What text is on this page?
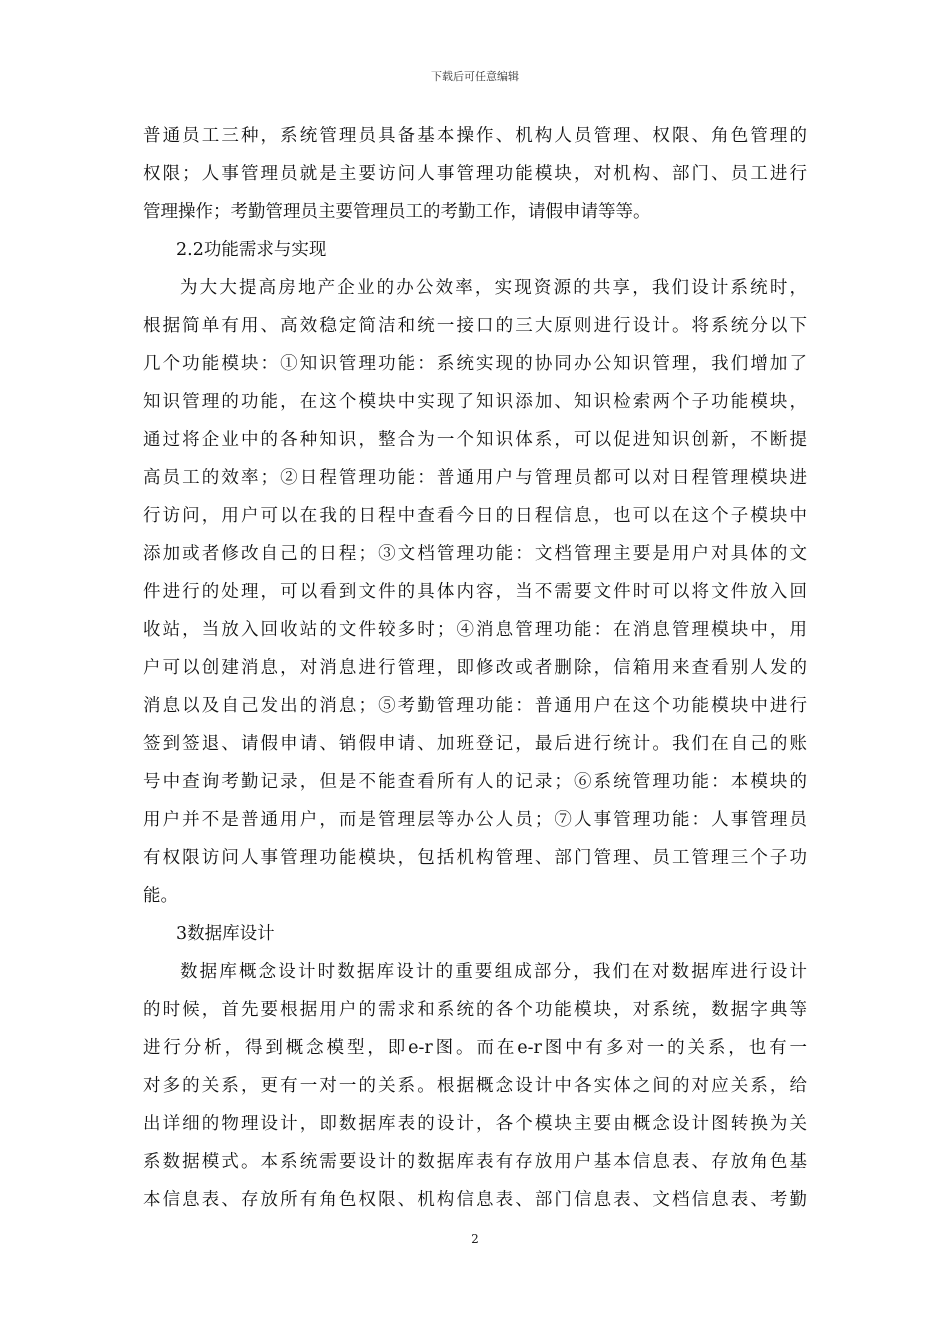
下载后可任意编辑
普通员工三种，系统管理员具备基本操作、机构人员管理、权限、角色管理的
权限；人事管理员就是主要访问人事管理功能模块，对机构、部门、员工进行
管理操作；考勤管理员主要管理员工的考勤工作，请假申请等等。
2.2功能需求与实现
为大大提高房地产企业的办公效率，实现资源的共享，我们设计系统时，
根据简单有用、高效稳定简洁和统一接口的三大原则进行设计。将系统分以下
几个功能模块：①知识管理功能：系统实现的协同办公知识管理，我们增加了
知识管理的功能，在这个模块中实现了知识添加、知识检索两个子功能模块，
通过将企业中的各种知识，整合为一个知识体系，可以促进知识创新，不断提
高员工的效率；②日程管理功能：普通用户与管理员都可以对日程管理模块进
行访问，用户可以在我的日程中查看今日的日程信息，也可以在这个子模块中
添加或者修改自己的日程；③文档管理功能：文档管理主要是用户对具体的文
件进行的处理，可以看到文件的具体内容，当不需要文件时可以将文件放入回
收站，当放入回收站的文件较多时；④消息管理功能：在消息管理模块中，用
户可以创建消息，对消息进行管理，即修改或者删除，信箱用来查看别人发的
消息以及自己发出的消息；⑤考勤管理功能：普通用户在这个功能模块中进行
签到签退、请假申请、销假申请、加班登记，最后进行统计。我们在自己的账
号中查询考勤记录，但是不能查看所有人的记录；⑥系统管理功能：本模块的
用户并不是普通用户，而是管理层等办公人员；⑦人事管理功能：人事管理员
有权限访问人事管理功能模块，包括机构管理、部门管理、员工管理三个子功
能。
3数据库设计
数据库概念设计时数据库设计的重要组成部分，我们在对数据库进行设计
的时候，首先要根据用户的需求和系统的各个功能模块，对系统，数据字典等
进行分析，得到概念模型，即e-r图。而在e-r图中有多对一的关系，也有一
对多的关系，更有一对一的关系。根据概念设计中各实体之间的对应关系，给
出详细的物理设计，即数据库表的设计，各个模块主要由概念设计图转换为关
系数据模式。本系统需要设计的数据库表有存放用户基本信息表、存放角色基
本信息表、存放所有角色权限、机构信息表、部门信息表、文档信息表、考勤
2
